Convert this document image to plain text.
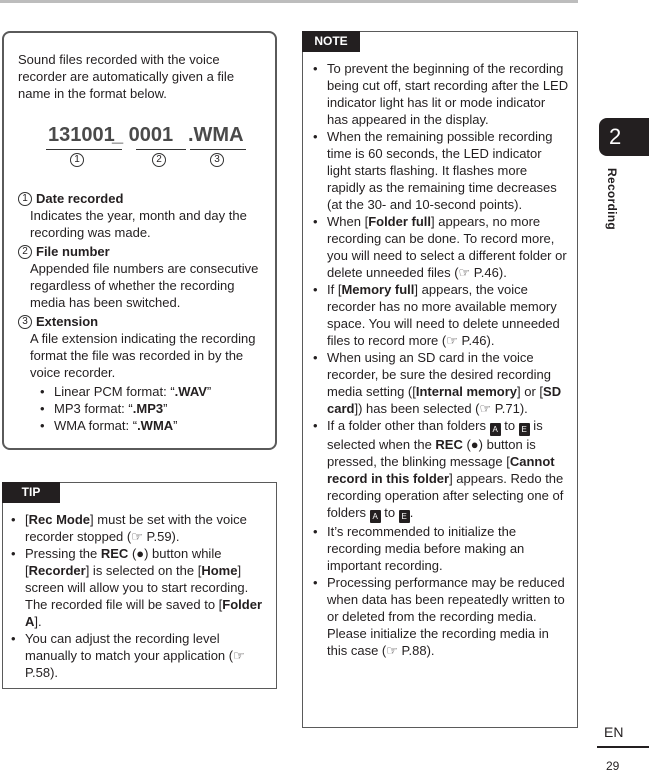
Sound files recorded with the voice recorder are automatically given a file name in the format below.

131001
_ 0001 .WMA
1	2	3
1 Date recorded

Indicates the year, month and day the recording was made.

2 File number

Appended file numbers are consecutive regardless of whether the recording media has been switched.

3 Extension

A file extension indicating the recording format the file was recorded in by the voice recorder.

• Linear PCM format: “.WAV”
• MP3 format: “.MP3”
• WMA format: “.WMA”
TIP
• [Rec Mode] must be set with the voice recorder stopped (☞ P.59).
• Pressing the REC (●) button while [Recorder] is selected on the [Home] screen will allow you to start recording. The recorded file will be saved to [Folder A].
• You can adjust the recording level manually to match your application (☞ P.58).
NOTE
• To prevent the beginning of the recording being cut off, start recording after the LED indicator light has lit or mode indicator has appeared in the display.
• When the remaining possible recording time is 60 seconds, the LED indicator light starts flashing. It flashes more rapidly as the remaining time decreases (at the 30- and 10-second points).
• When [Folder full] appears, no more recording can be done. To record more, you will need to select a different folder or delete unneeded files (☞ P.46).
• If [Memory full] appears, the voice recorder has no more available memory space. You will need to delete unneeded files to record more (☞ P.46).
• When using an SD card in the voice recorder, be sure the desired recording media setting ([Internal memory] or [SD card]) has been selected (☞ P.71).
• If a folder other than folders A to E is selected when the REC (●) button is pressed, the blinking message [Cannot record in this folder] appears. Redo the recording operation after selecting one of folders A to E .
• It’s recommended to initialize the recording media before making an important recording.
• Processing performance may be reduced when data has been repeatedly written to or deleted from the recording media. Please initialize the recording media in this case (☞ P.88).
2
Recording
EN
29
